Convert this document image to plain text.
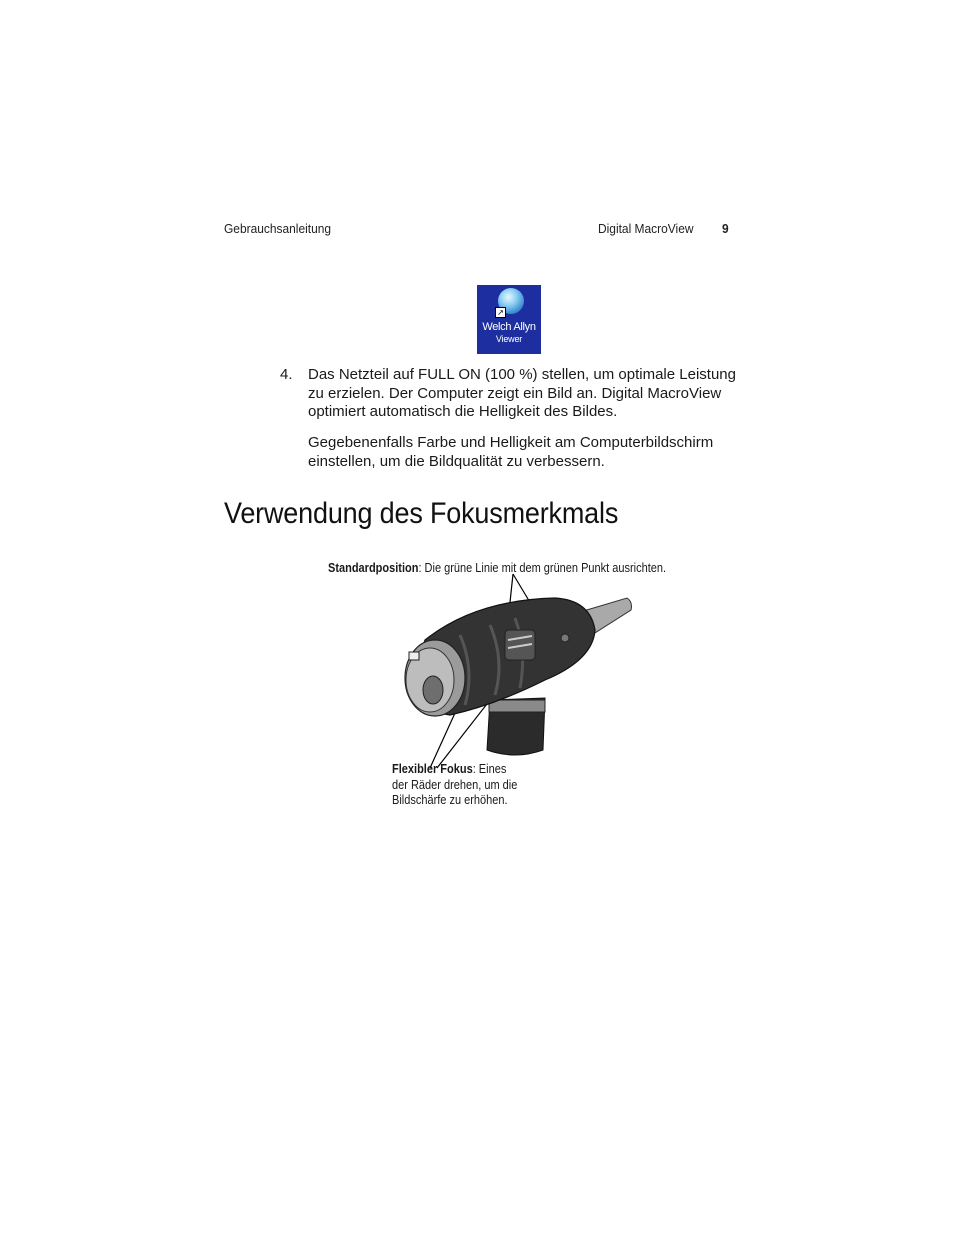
Gebrauchsanleitung	Digital MacroView 9
↗
Welch Allyn
Viewer
4. Das Netzteil auf FULL ON (100 %) stellen, um optimale Leistung zu erzielen. Der Computer zeigt ein Bild an. Digital MacroView optimiert automatisch die Helligkeit des Bildes.
Gegebenenfalls Farbe und Helligkeit am Computerbildschirm einstellen, um die Bildqualität zu verbessern.
Verwendung des Fokusmerkmals
Standardposition: Die grüne Linie mit dem grünen Punkt ausrichten.
Flexibler Fokus: Eines der Räder drehen, um die Bildschärfe zu erhöhen.
